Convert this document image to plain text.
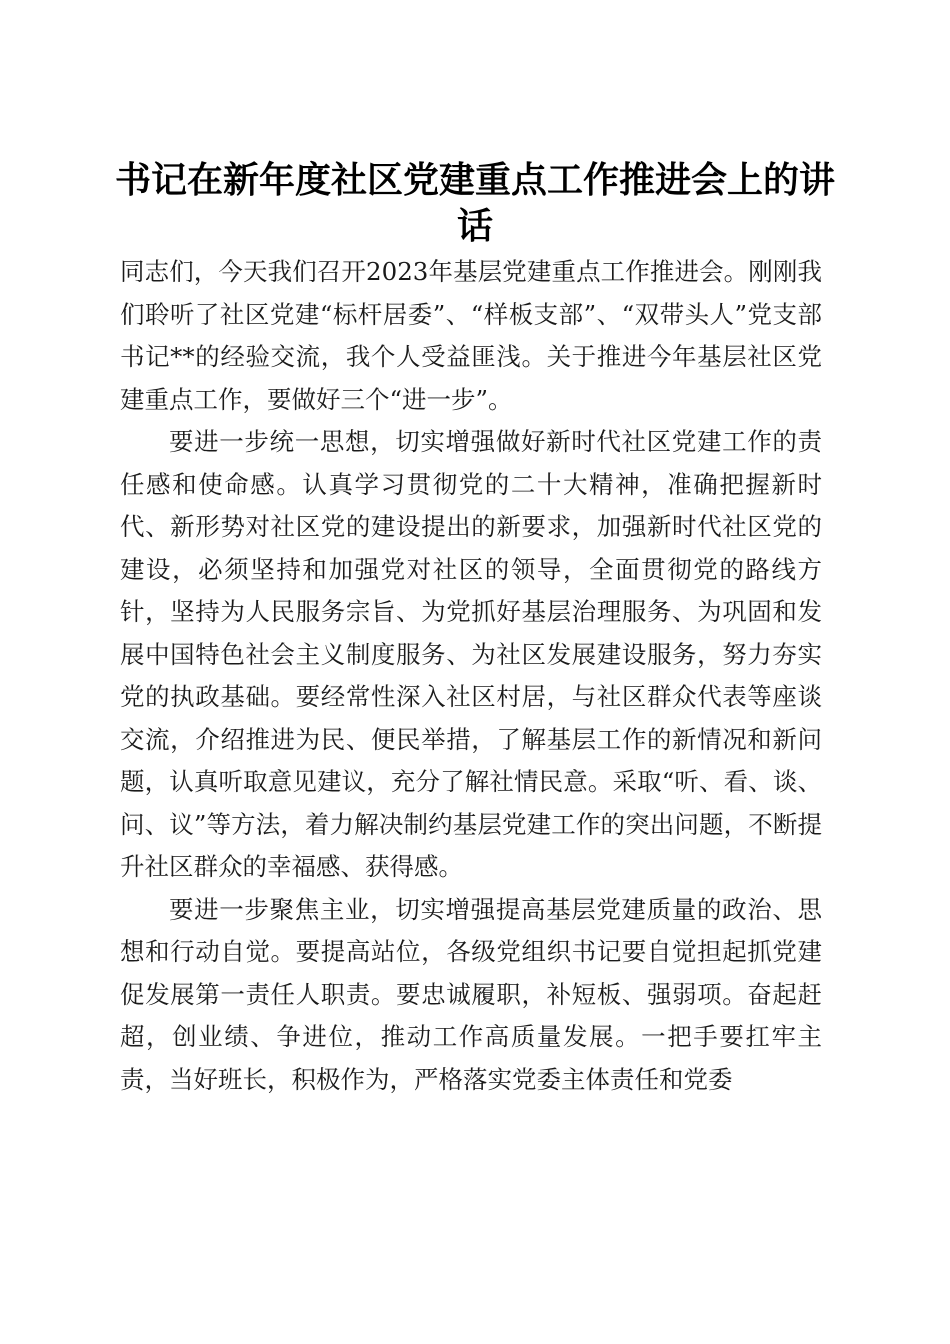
书记在新年度社区党建重点工作推进会上的讲话

同志们，今天我们召开2023年基层党建重点工作推进会。刚刚我们聆听了社区党建“标杆居委”、“样板支部”、“双带头人”党支部书记**的经验交流，我个人受益匪浅。关于推进今年基层社区党建重点工作，要做好三个“进一步”。

要进一步统一思想，切实增强做好新时代社区党建工作的责任感和使命感。认真学习贯彻党的二十大精神，准确把握新时代、新形势对社区党的建设提出的新要求，加强新时代社区党的建设，必须坚持和加强党对社区的领导，全面贯彻党的路线方针，坚持为人民服务宗旨、为党抓好基层治理服务、为巩固和发展中国特色社会主义制度服务、为社区发展建设服务，努力夯实党的执政基础。要经常性深入社区村居，与社区群众代表等座谈交流，介绍推进为民、便民举措，了解基层工作的新情况和新问题，认真听取意见建议，充分了解社情民意。采取“听、看、谈、问、议”等方法，着力解决制约基层党建工作的突出问题，不断提升社区群众的幸福感、获得感。

要进一步聚焦主业，切实增强提高基层党建质量的政治、思想和行动自觉。要提高站位，各级党组织书记要自觉担起抓党建促发展第一责任人职责。要忠诚履职，补短板、强弱项。奋起赶超，创业绩、争进位，推动工作高质量发展。一把手要扛牢主责，当好班长，积极作为，严格落实党委主体责任和党委
